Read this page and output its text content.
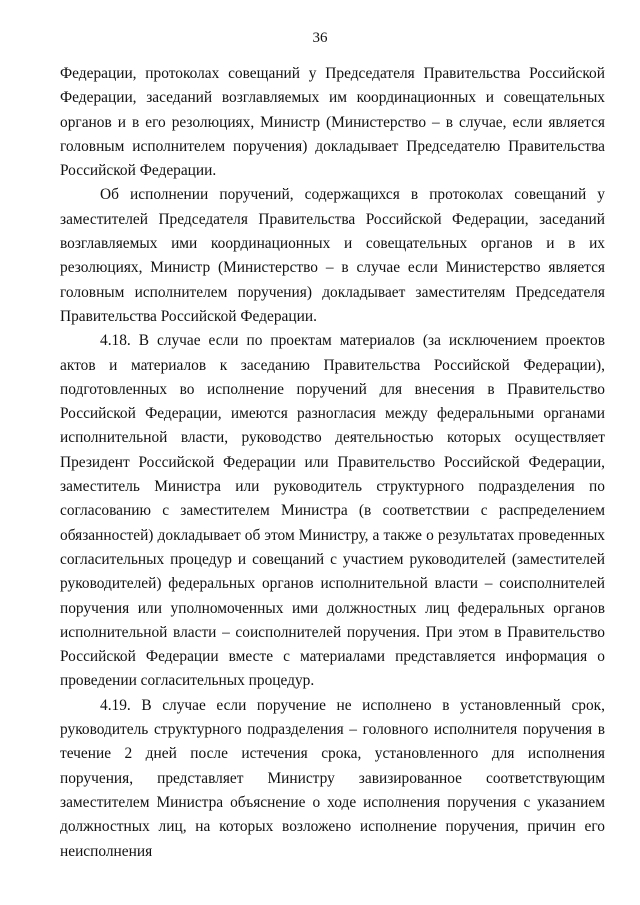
36

Федерации, протоколах совещаний у Председателя Правительства Российской Федерации, заседаний возглавляемых им координационных и совещательных органов и в его резолюциях, Министр (Министерство – в случае, если является головным исполнителем поручения) докладывает Председателю Правительства Российской Федерации.

Об исполнении поручений, содержащихся в протоколах совещаний у заместителей Председателя Правительства Российской Федерации, заседаний возглавляемых ими координационных и совещательных органов и в их резолюциях, Министр (Министерство – в случае если Министерство является головным исполнителем поручения) докладывает заместителям Председателя Правительства Российской Федерации.

4.18. В случае если по проектам материалов (за исключением проектов актов и материалов к заседанию Правительства Российской Федерации), подготовленных во исполнение поручений для внесения в Правительство Российской Федерации, имеются разногласия между федеральными органами исполнительной власти, руководство деятельностью которых осуществляет Президент Российской Федерации или Правительство Российской Федерации, заместитель Министра или руководитель структурного подразделения по согласованию с заместителем Министра (в соответствии с распределением обязанностей) докладывает об этом Министру, а также о результатах проведенных согласительных процедур и совещаний с участием руководителей (заместителей руководителей) федеральных органов исполнительной власти – соисполнителей поручения или уполномоченных ими должностных лиц федеральных органов исполнительной власти – соисполнителей поручения. При этом в Правительство Российской Федерации вместе с материалами представляется информация о проведении согласительных процедур.

4.19. В случае если поручение не исполнено в установленный срок, руководитель структурного подразделения – головного исполнителя поручения в течение 2 дней после истечения срока, установленного для исполнения поручения, представляет Министру завизированное соответствующим заместителем Министра объяснение о ходе исполнения поручения с указанием должностных лиц, на которых возложено исполнение поручения, причин его неисполнения
